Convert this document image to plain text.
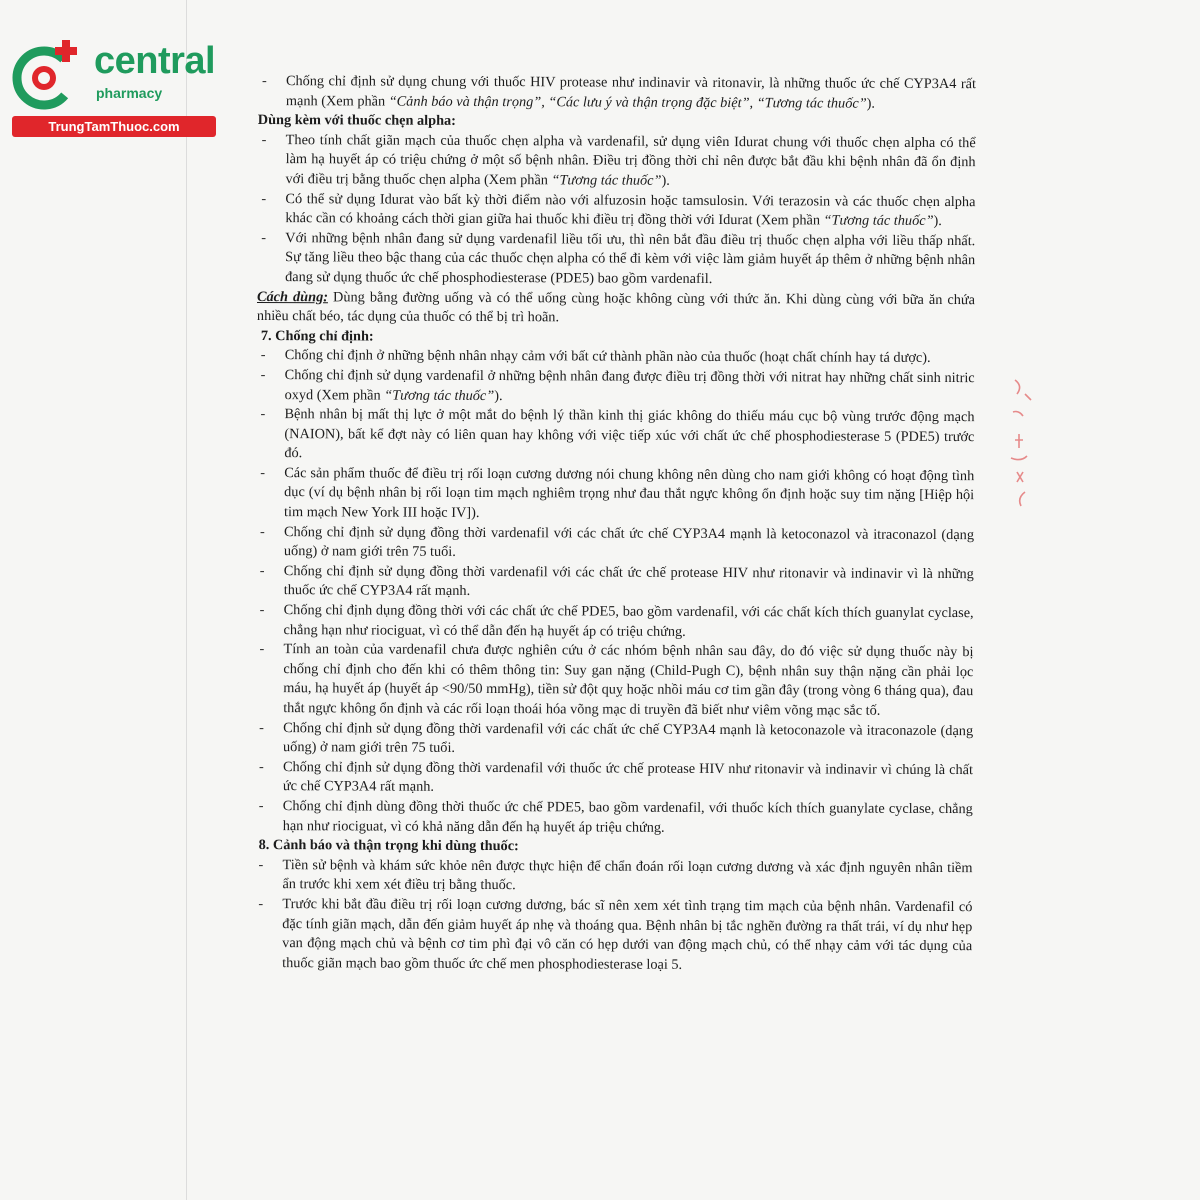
central
pharmacy
TrungTamThuoc.com
- Chống chỉ định sử dụng chung với thuốc HIV protease như indinavir và ritonavir, là những thuốc ức chế CYP3A4 rất mạnh (Xem phần “Cảnh báo và thận trọng”, “Các lưu ý và thận trọng đặc biệt”, “Tương tác thuốc”).
Dùng kèm với thuốc chẹn alpha:
- Theo tính chất giãn mạch của thuốc chẹn alpha và vardenafil, sử dụng viên Idurat chung với thuốc chẹn alpha có thể làm hạ huyết áp có triệu chứng ở một số bệnh nhân. Điều trị đồng thời chỉ nên được bắt đầu khi bệnh nhân đã ổn định với điều trị bằng thuốc chẹn alpha (Xem phần “Tương tác thuốc”).
- Có thể sử dụng Idurat vào bất kỳ thời điểm nào với alfuzosin hoặc tamsulosin. Với terazosin và các thuốc chẹn alpha khác cần có khoảng cách thời gian giữa hai thuốc khi điều trị đồng thời với Idurat (Xem phần “Tương tác thuốc”).
- Với những bệnh nhân đang sử dụng vardenafil liều tối ưu, thì nên bắt đầu điều trị thuốc chẹn alpha với liều thấp nhất. Sự tăng liều theo bậc thang của các thuốc chẹn alpha có thể đi kèm với việc làm giảm huyết áp thêm ở những bệnh nhân đang sử dụng thuốc ức chế phosphodiesterase (PDE5) bao gồm vardenafil.
Cách dùng: Dùng bằng đường uống và có thể uống cùng hoặc không cùng với thức ăn. Khi dùng cùng với bữa ăn chứa nhiều chất béo, tác dụng của thuốc có thể bị trì hoãn.
7. Chống chỉ định:
- Chống chỉ định ở những bệnh nhân nhạy cảm với bất cứ thành phần nào của thuốc (hoạt chất chính hay tá dược).
- Chống chỉ định sử dụng vardenafil ở những bệnh nhân đang được điều trị đồng thời với nitrat hay những chất sinh nitric oxyd (Xem phần “Tương tác thuốc”).
- Bệnh nhân bị mất thị lực ở một mắt do bệnh lý thần kinh thị giác không do thiếu máu cục bộ vùng trước động mạch (NAION), bất kể đợt này có liên quan hay không với việc tiếp xúc với chất ức chế phosphodiesterase 5 (PDE5) trước đó.
- Các sản phẩm thuốc để điều trị rối loạn cương dương nói chung không nên dùng cho nam giới không có hoạt động tình dục (ví dụ bệnh nhân bị rối loạn tim mạch nghiêm trọng như đau thắt ngực không ổn định hoặc suy tim nặng [Hiệp hội tim mạch New York III hoặc IV]).
- Chống chỉ định sử dụng đồng thời vardenafil với các chất ức chế CYP3A4 mạnh là ketoconazol và itraconazol (dạng uống) ở nam giới trên 75 tuổi.
- Chống chỉ định sử dụng đồng thời vardenafil với các chất ức chế protease HIV như ritonavir và indinavir vì là những thuốc ức chế CYP3A4 rất mạnh.
- Chống chỉ định dụng đồng thời với các chất ức chế PDE5, bao gồm vardenafil, với các chất kích thích guanylat cyclase, chẳng hạn như riociguat, vì có thể dẫn đến hạ huyết áp có triệu chứng.
- Tính an toàn của vardenafil chưa được nghiên cứu ở các nhóm bệnh nhân sau đây, do đó việc sử dụng thuốc này bị chống chỉ định cho đến khi có thêm thông tin: Suy gan nặng (Child-Pugh C), bệnh nhân suy thận nặng cần phải lọc máu, hạ huyết áp (huyết áp <90/50 mmHg), tiền sử đột quỵ hoặc nhồi máu cơ tim gần đây (trong vòng 6 tháng qua), đau thắt ngực không ổn định và các rối loạn thoái hóa võng mạc di truyền đã biết như viêm võng mạc sắc tố.
- Chống chỉ định sử dụng đồng thời vardenafil với các chất ức chế CYP3A4 mạnh là ketoconazole và itraconazole (dạng uống) ở nam giới trên 75 tuổi.
- Chống chỉ định sử dụng đồng thời vardenafil với thuốc ức chế protease HIV như ritonavir và indinavir vì chúng là chất ức chế CYP3A4 rất mạnh.
- Chống chỉ định dùng đồng thời thuốc ức chế PDE5, bao gồm vardenafil, với thuốc kích thích guanylate cyclase, chẳng hạn như riociguat, vì có khả năng dẫn đến hạ huyết áp triệu chứng.
8. Cảnh báo và thận trọng khi dùng thuốc:
- Tiền sử bệnh và khám sức khỏe nên được thực hiện để chẩn đoán rối loạn cương dương và xác định nguyên nhân tiềm ẩn trước khi xem xét điều trị bằng thuốc.
- Trước khi bắt đầu điều trị rối loạn cương dương, bác sĩ nên xem xét tình trạng tim mạch của bệnh nhân. Vardenafil có đặc tính giãn mạch, dẫn đến giảm huyết áp nhẹ và thoáng qua. Bệnh nhân bị tắc nghẽn đường ra thất trái, ví dụ như hẹp van động mạch chủ và bệnh cơ tim phì đại vô căn có hẹp dưới van động mạch chủ, có thể nhạy cảm với tác dụng của thuốc giãn mạch bao gồm thuốc ức chế men phosphodiesterase loại 5.
